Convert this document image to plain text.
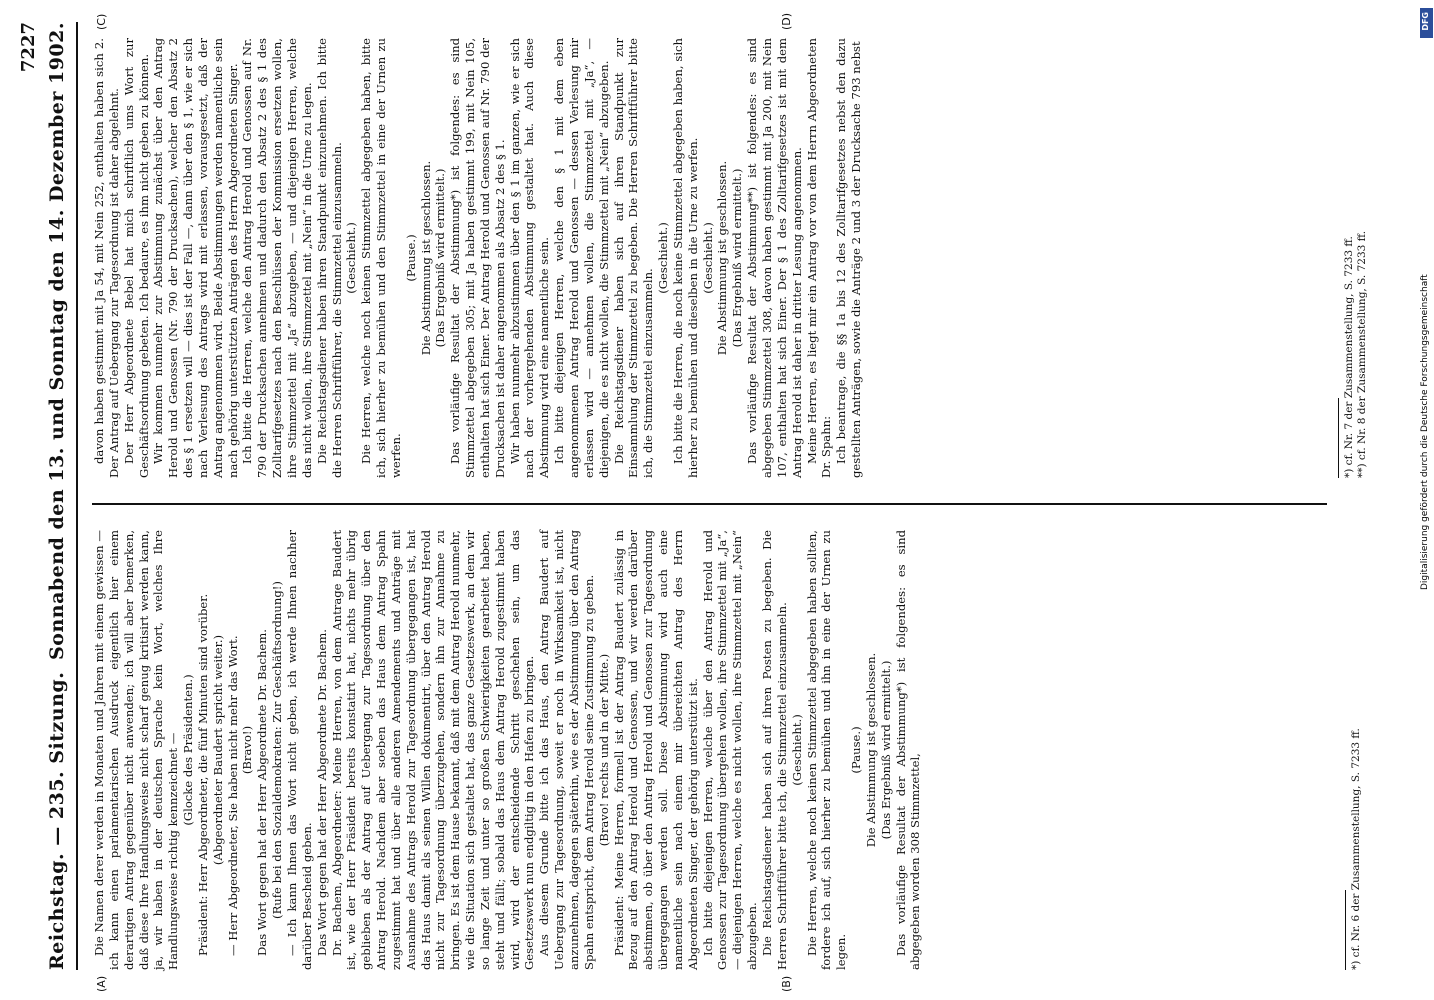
Reichstag. — 235. Sitzung.
Sonnabend den 13. und Sonntag den 14. Dezember 1902.
7227
(A)	(B)
(C)	(D)

Die Namen derer werden in Monaten und Jahren mit einem gewissen — ich kann einen parlamentarischen Ausdruck eigentlich hier einem derartigen Antrag gegenüber nicht anwenden; ich will aber bemerken, daß diese Ihre Handlungsweise nicht scharf genug kritisirt werden kann, ja, wir haben in der deutschen Sprache kein Wort, welches Ihre Handlungsweise richtig kennzeichnet — (Glocke des Präsidenten.) Präsident: Herr Abgeordneter, die fünf Minuten sind vorüber. (Abgeordneter Baudert spricht weiter.) — Herr Abgeordneter, Sie haben nicht mehr das Wort. (Bravo!) Das Wort gegen hat der Herr Abgeordnete Dr. Bachem. (Rufe bei den Sozialdemokraten: Zur Geschäftsordnung!) — Ich kann Ihnen das Wort nicht geben, ich werde Ihnen nachher darüber Bescheid geben. Das Wort gegen hat der Herr Abgeordnete Dr. Bachem. Dr. Bachem, Abgeordneter: Meine Herren, von dem Antrage Baudert ist, wie der Herr Präsident bereits konstatirt hat, nichts mehr übrig geblieben als der Antrag auf Uebergang zur Tagesordnung über den Antrag Herold. Nachdem aber soeben das Haus dem Antrag Spahn zugestimmt hat und über alle anderen Amendements und Anträge mit Ausnahme des Antrags Herold zur Tagesordnung übergegangen ist, hat das Haus damit als seinen Willen dokumentirt, über den Antrag Herold nicht zur Tagesordnung überzugehen, sondern ihn zur Annahme zu bringen. Es ist dem Hause bekannt, daß mit dem Antrag Herold nunmehr, wie die Situation sich gestaltet hat, das ganze Gesetzeswerk, an dem wir so lange Zeit und unter so großen Schwierigkeiten gearbeitet haben, steht und fällt; sobald das Haus dem Antrag Herold zugestimmt haben wird, wird der entscheidende Schritt geschehen sein, um das Gesetzeswerk nun endgiltig in den Hafen zu bringen. Aus diesem Grunde bitte ich das Haus, den Antrag Baudert auf Uebergang zur Tagesordnung, soweit er noch in Wirksamkeit ist, nicht anzunehmen, dagegen späterhin, wie es der Abstimmung über den Antrag Spahn entspricht, dem Antrag Herold seine Zustimmung zu geben. (Bravo! rechts und in der Mitte.) Präsident: Meine Herren, formell ist der Antrag Baudert zulässig in Bezug auf den Antrag Herold und Genossen, und wir werden darüber abstimmen, ob über den Antrag Herold und Genossen zur Tagesordnung übergegangen werden soll. Diese Abstimmung wird auch eine namentliche sein nach einem mir übereichten Antrag des Herrn Abgeordneten Singer, der gehörig unterstützt ist. Ich bitte diejenigen Herren, welche über den Antrag Herold und Genossen zur Tagesordnung übergehen wollen, ihre Stimmzettel mit „Ja“, — diejenigen Herren, welche es nicht wollen, ihre Stimmzettel mit „Nein“ abzugeben. Die Reichstagsdiener haben sich auf ihren Posten zu begeben. Die Herren Schriftführer bitte ich, die Stimmzettel einzusammeln. (Geschieht.) Die Herren, welche noch keinen Stimmzettel abgegeben haben sollten, fordere ich auf, sich hierher zu bemühen und ihn in eine der Urnen zu legen.

(Pause.) Die Abstimmung ist geschlossen. (Das Ergebniß wird ermittelt.) Das vorläufige Resultat der Abstimmung*) ist folgendes: es sind abgegeben worden 308 Stimmzettel,

davon haben gestimmt mit Ja 54, mit Nein 252, enthalten haben sich 2. Der Antrag auf Uebergang zur Tagesordnung ist daher abgelehnt. Der Herr Abgeordnete Bebel hat mich schriftlich ums Wort zur Geschäftsordnung gebeten. Ich bedaure, es ihm nicht geben zu können. Wir kommen nunmehr zur Abstimmung zunächst über den Antrag Herold und Genossen (Nr. 790 der Drucksachen), welcher den Absatz 2 des § 1 ersetzen will — dies ist der Fall —, dann über den § 1, wie er sich nach Verlesung des Antrags wird mit erlassen, vorausgesetzt, daß der Antrag angenommen wird. Beide Abstimmungen werden namentliche sein nach gehörig unterstützten Anträgen des Herrn Abgeordneten Singer. Ich bitte die Herren, welche den Antrag Herold und Genossen auf Nr. 790 der Drucksachen annehmen und dadurch den Absatz 2 des § 1 des Zolltarifgesetzes nach den Beschlüssen der Kommission ersetzen wollen, ihre Stimmzettel mit „Ja“ abzugeben, — und diejenigen Herren, welche das nicht wollen, ihre Stimmzettel mit „Nein“ in die Urne zu legen. Die Reichstagsdiener haben ihren Standpunkt einzunehmen. Ich bitte die Herren Schriftführer, die Stimmzettel einzusammeln. (Geschieht.) Die Herren, welche noch keinen Stimmzettel abgegeben haben, bitte ich, sich hierher zu bemühen und den Stimmzettel in eine der Urnen zu werfen.

(Pause.) Die Abstimmung ist geschlossen. (Das Ergebniß wird ermittelt.) Das vorläufige Resultat der Abstimmung*) ist folgendes: es sind Stimmzettel abgegeben 305; mit Ja haben gestimmt 199, mit Nein 105, enthalten hat sich Einer. Der Antrag Herold und Genossen auf Nr. 790 der Drucksachen ist daher angenommen als Absatz 2 des § 1. Wir haben nunmehr abzustimmen über den § 1 im ganzen, wie er sich nach der vorhergehenden Abstimmung gestaltet hat. Auch diese Abstimmung wird eine namentliche sein. Ich bitte diejenigen Herren, welche den § 1 mit dem eben angenommenen Antrag Herold und Genossen — dessen Verlesung mir erlassen wird — annehmen wollen, die Stimmzettel mit „Ja“, — diejenigen, die es nicht wollen, die Stimmzettel mit „Nein“ abzugeben. Die Reichstagsdiener haben sich auf ihren Standpunkt zur Einsammlung der Stimmzettel zu begeben. Die Herren Schriftführer bitte ich, die Stimmzettel einzusammeln.

(Geschieht.) Ich bitte die Herren, die noch keine Stimmzettel abgegeben haben, sich hierher zu bemühen und dieselben in die Urne zu werfen. (Geschieht.) Die Abstimmung ist geschlossen. (Das Ergebniß wird ermittelt.) Das vorläufige Resultat der Abstimmung**) ist folgendes: es sind abgegeben Stimmzettel 308, davon haben gestimmt mit Ja 200, mit Nein 107, enthalten hat sich Einer. Der § 1 des Zolltarifgesetzes ist mit dem Antrag Herold ist daher in dritter Lesung angenommen. Meine Herren, es liegt mir ein Antrag vor von dem Herrn Abgeordneten Dr. Spahn: Ich beantrage, die §§ 1a bis 12 des Zolltarifgesetzes nebst den dazu gestellten Anträgen, sowie die Anträge 2 und 3 der Drucksache 793 nebst

*) cf. Nr. 6 der Zusammenstellung, S. 7233 ff.
*) cf. Nr. 7 der Zusammenstellung, S. 7233 ff. **) cf. Nr. 8 der Zusammenstellung, S. 7233 ff.
DFG
Digitalisierung gefördert durch die Deutsche Forschungsgemeinschaft
